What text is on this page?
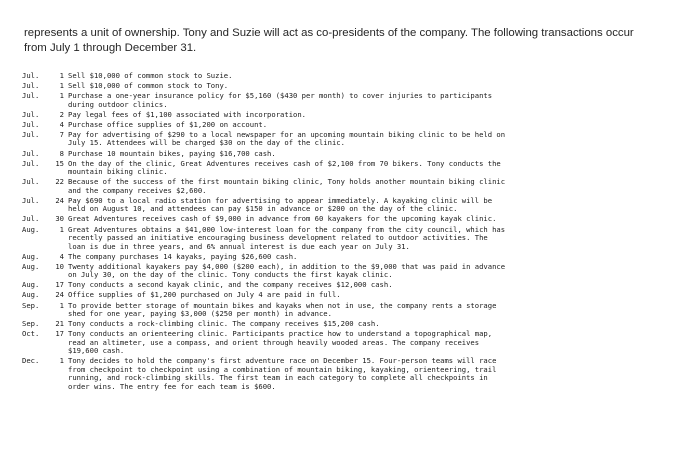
represents a unit of ownership. Tony and Suzie will act as co-presidents of the company. The following transactions occur

from July 1 through December 31.

Jul.	1 Sell $10,000 of common stock to Suzie.
Jul.	1 Sell $10,000 of common stock to Tony.
Jul.	1 Purchase a one-year insurance policy for $5,160 ($430 per month) to cover injuries to participants
during outdoor clinics.
Jul.	2 Pay legal fees of $1,100 associated with incorporation.
Jul.	4 Purchase office supplies of $1,200 on account.
Jul.	7 Pay for advertising of $290 to a local newspaper for an upcoming mountain biking clinic to be held on
July 15. Attendees will be charged $30 on the day of the clinic.
Jul.	8 Purchase 10 mountain bikes, paying $16,700 cash.
Jul.	15 On the day of the clinic, Great Adventures receives cash of $2,100 from 70 bikers. Tony conducts the
mountain biking clinic.
Jul.	22 Because of the success of the first mountain biking clinic, Tony holds another mountain biking clinic
and the company receives $2,600.
Jul.	24 Pay $690 to a local radio station for advertising to appear immediately. A kayaking clinic will be
held on August 10, and attendees can pay $150 in advance or $200 on the day of the clinic.
Jul.	30 Great Adventures receives cash of $9,000 in advance from 60 kayakers for the upcoming kayak clinic.
Aug.	1 Great Adventures obtains a $41,000 low-interest loan for the company from the city council, which has
recently passed an initiative encouraging business development related to outdoor activities. The
loan is due in three years, and 6% annual interest is due each year on July 31.
Aug.	4 The company purchases 14 kayaks, paying $26,600 cash.
Aug.	10 Twenty additional kayakers pay $4,000 ($200 each), in addition to the $9,000 that was paid in advance
on July 30, on the day of the clinic. Tony conducts the first kayak clinic.
Aug.	17 Tony conducts a second kayak clinic, and the company receives $12,000 cash.
Aug.	24 Office supplies of $1,200 purchased on July 4 are paid in full.
Sep.	1 To provide better storage of mountain bikes and kayaks when not in use, the company rents a storage
shed for one year, paying $3,000 ($250 per month) in advance.
Sep.	21 Tony conducts a rock-climbing clinic. The company receives $15,200 cash.
Oct.	17 Tony conducts an orienteering clinic. Participants practice how to understand a topographical map,
read an altimeter, use a compass, and orient through heavily wooded areas. The company receives
$19,600 cash.
Dec.	1 Tony decides to hold the company's first adventure race on December 15. Four-person teams will race
from checkpoint to checkpoint using a combination of mountain biking, kayaking, orienteering, trail
running, and rock-climbing skills. The first team in each category to complete all checkpoints in
order wins. The entry fee for each team is $600.
